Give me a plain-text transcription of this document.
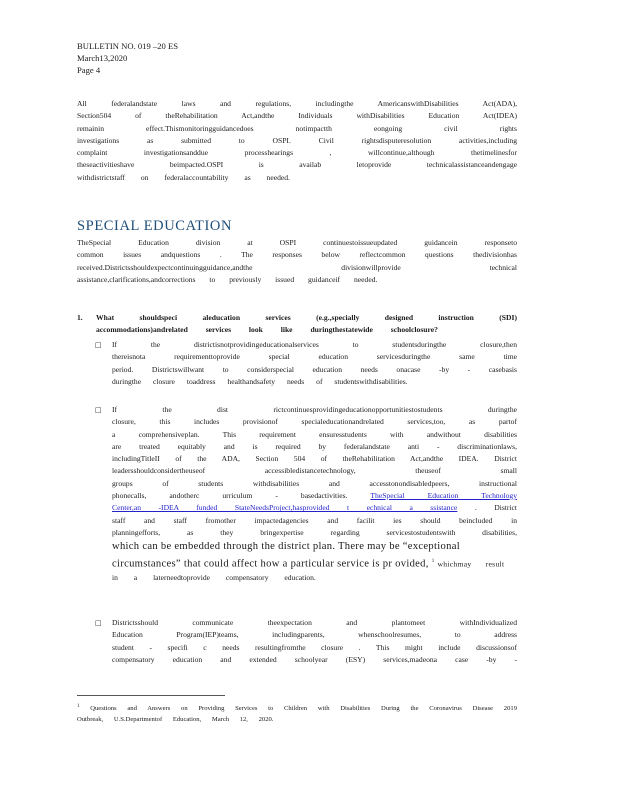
BULLETIN NO. 019 –20 ES
March13,2020
Page 4
All federalandstate laws and regulations, includingthe AmericanswithDisabilities Act(ADA),
Section504 of theRehabilitation Act,andthe Individuals withDisabilities Education Act(IDEA)
remainin effect.Thismonitoringguidancedoes notimpactth eongoing civil rights
investigations as submitted to OSPI. Civil rightsdisputeresolution activities,including
complaint investigationsanddue processhearings , willcontinue,although thetimelinesfor
theseactivitieshave beimpacted.OSPI is availab letoprovide technicalassistanceandengage
withdistrictstaff on federalaccountability as needed.
SPECIAL EDUCATION
TheSpecial Education division at OSPI continuestoissueupdated guidancein responseto
common issues andquestions . The responses below reflectcommon questions thedivisionhas
received.Districtsshouldexpectcontinuingguidance,andthe divisionwillprovide technical
assistance,clarifications,andcorrections to previously issued guidanceif needed.
1. What shouldspeci aleducation services (e.g.,specially designed instruction (SDI)
accommodations)andrelated services look like duringthestatewide schoolclosure?
□ If the districtisnotprovidingeducationalservices to studentsduringthe closure,then
thereisnota requirementtoprovide special education servicesduringthe same time
period. Districtswillwant to considerspecial education needs onacase -by - casebasis
duringthe closure toaddress healthandsafety needs of studentswithdisabilities.
□ If the dist rictcontinuesprovidingeducationopportunitiestostudents duringthe
closure, this includes provisionof specialeducationandrelated services,too, as partof
a comprehensiveplan. This requirement ensuresstudents with andwithout disabilities
are treated equitably and is required by federalandstate anti - discriminationlaws,
includingTitleII of the ADA, Section 504 of theRehabilitation Act,andthe IDEA. District
leadersshouldconsidertheuseof accessibledistancetechnology, theuseof small
groups of students withdisabilities and accesstonondisabledpeers, instructional
phonecalls, andotherc urriculum - basedactivities.	TheSpecial Education Technology
Center,an -IDEA funded StateNeedsProject,hasprovided t echnical a ssistance . District
staff and staff fromother impactedagencies and facilit ies should beincluded in
planningefforts, as they bringexpertise regarding servicestostudentswith disabilities,
which can be embedded through the district plan. There may be “exceptional
circumstances” that could affect how a particular service is pr ovided, $^1$ whichmay result
in a laterneedtoprovide compensatory education.
□ Districtsshould communicate theexpectation and plantomeet withIndividualized
Education Program(IEP)teams, includingparents, whenschoolresumes, to address
student - specifi c needs resultingfromthe closure . This might include discussionsof
compensatory education and extended schoolyear (ESY) services,madeona case -by -
$^1$ Questions and Answers on Providing Services to Children with Disabilities During the Coronavirus Disease 2019
Outbreak, U.S.Departmentof Education, March 12, 2020.
